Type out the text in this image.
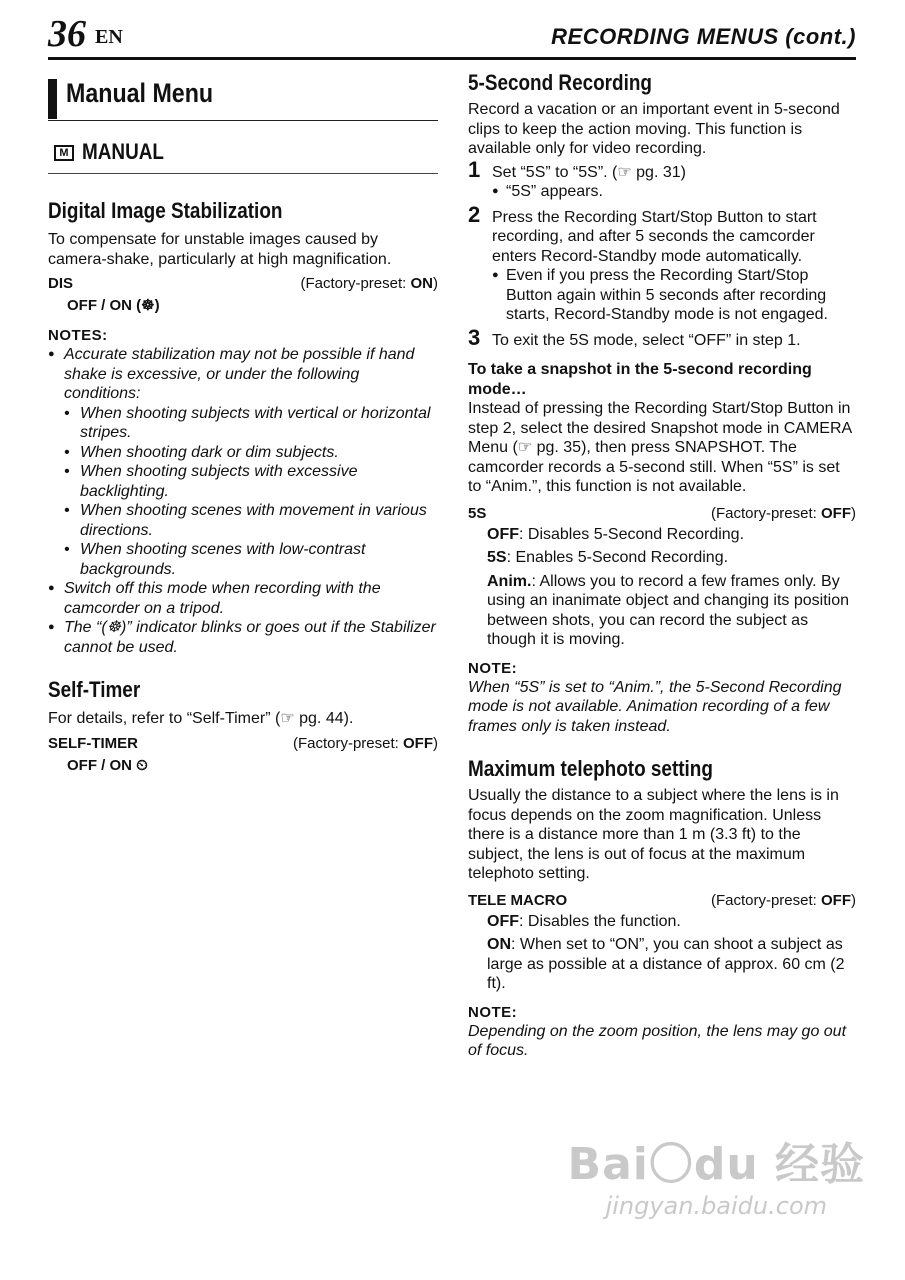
36 EN	RECORDING MENUS (cont.)
Manual Menu
M MANUAL
Digital Image Stabilization

To compensate for unstable images caused by camera-shake, particularly at high magnification.

DIS	(Factory-preset: ON)
OFF / ON (☸)
NOTES:
● Accurate stabilization may not be possible if hand shake is excessive, or under the following conditions:
• When shooting subjects with vertical or horizontal stripes.
• When shooting dark or dim subjects.
• When shooting subjects with excessive backlighting.
• When shooting scenes with movement in various directions.
• When shooting scenes with low-contrast backgrounds.
● Switch off this mode when recording with the camcorder on a tripod.
● The “(☸)” indicator blinks or goes out if the Stabilizer cannot be used.
Self-Timer

For details, refer to “Self-Timer” (☞ pg. 44).

SELF-TIMER	(Factory-preset: OFF)
OFF / ON ⏲
5-Second Recording

Record a vacation or an important event in 5-second clips to keep the action moving. This function is available only for video recording.

1 Set “5S” to “5S”. (☞ pg. 31)
● “5S” appears.
2 Press the Recording Start/Stop Button to start recording, and after 5 seconds the camcorder enters Record-Standby mode automatically.
● Even if you press the Recording Start/Stop Button again within 5 seconds after recording starts, Record-Standby mode is not engaged.
3 To exit the 5S mode, select “OFF” in step 1.
To take a snapshot in the 5-second recording mode…

Instead of pressing the Recording Start/Stop Button in step 2, select the desired Snapshot mode in CAMERA Menu (☞ pg. 35), then press SNAPSHOT. The camcorder records a 5-second still. When “5S” is set to “Anim.”, this function is not available.

5S	(Factory-preset: OFF)
OFF: Disables 5-Second Recording.
5S: Enables 5-Second Recording.
Anim.: Allows you to record a few frames only. By using an inanimate object and changing its position between shots, you can record the subject as though it is moving.
NOTE:
When “5S” is set to “Anim.”, the 5-Second Recording mode is not available. Animation recording of a few frames only is taken instead.
Maximum telephoto setting

Usually the distance to a subject where the lens is in focus depends on the zoom magnification. Unless there is a distance more than 1 m (3.3 ft) to the subject, the lens is out of focus at the maximum telephoto setting.

TELE MACRO	(Factory-preset: OFF)
OFF: Disables the function.
ON: When set to “ON”, you can shoot a subject as large as possible at a distance of approx. 60 cm (2 ft).
NOTE:
Depending on the zoom position, the lens may go out of focus.
Bai〇du 经验
jingyan.baidu.com
